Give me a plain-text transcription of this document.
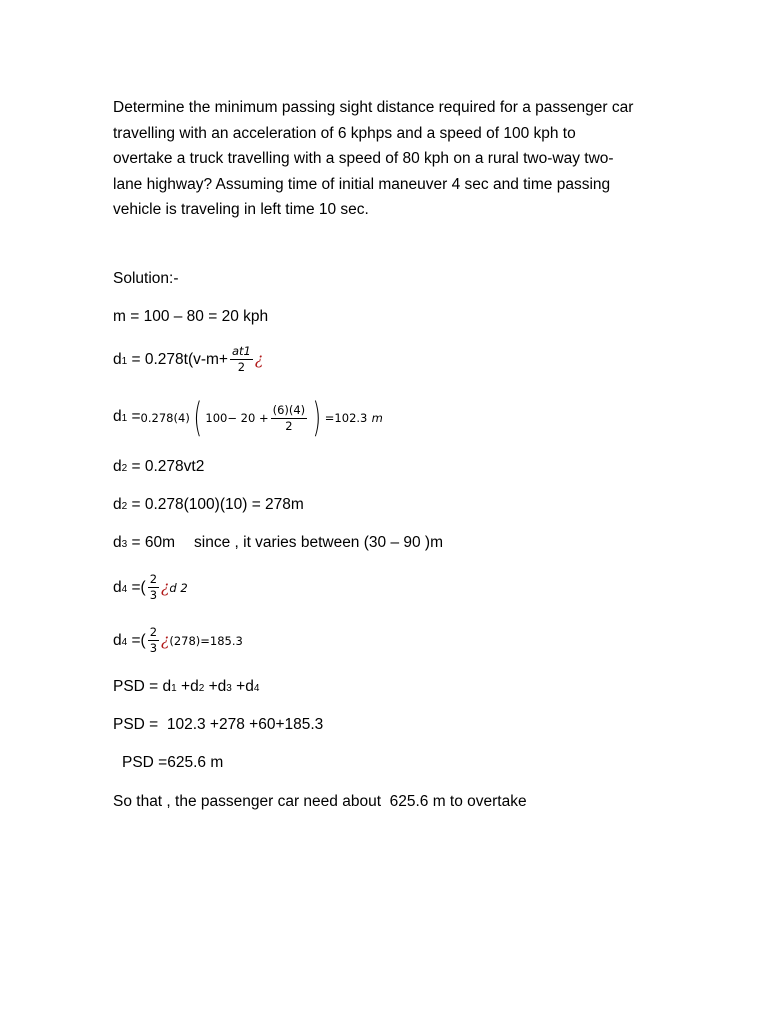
Determine the minimum passing sight distance required for a passenger car
travelling with an acceleration of 6 kphps and a speed of 100 kph to
overtake a truck travelling with a speed of 80 kph on a rural two-way two-
lane highway? Assuming time of initial maneuver 4 sec and time passing
vehicle is traveling in left time 10 sec.
Solution:-
m = 100 – 80 = 20 kph
$d1 = 0.278t(v-m+ \frac{at1}{2}$ ¿
d1 =0.278(4)( $100- 20 + \frac{(6)(4)}{2}$ ) =102.3 m
d2 = 0.278vt2
d2 = 0.278(100)(10) = 278m
d3 = 60m since , it varies between (30 – 90 )m
d4 =( $\frac{2}{3}$ ¿d 2
d4 =( $\frac{2}{3}$ ¿(278)=185.3
PSD = d1 +d2 +d3 +d4
PSD =  102.3 +278 +60+185.3
PSD =625.6 m
So that , the passenger car need about  625.6 m to overtake
